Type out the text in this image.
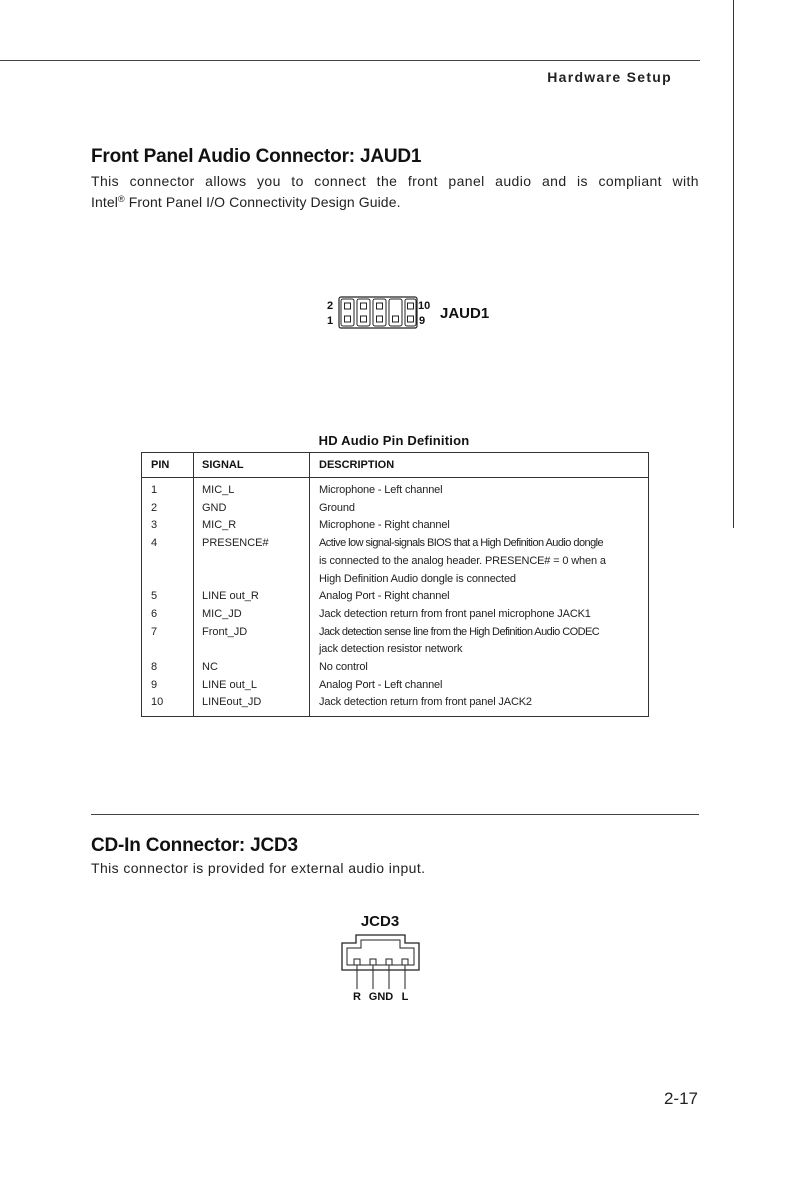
Hardware Setup
Front Panel Audio Connector: JAUD1
This connector allows you to connect the front panel audio and is compliant with
Intel® Front Panel I/O Connectivity Design Guide.
2
1
10
9 JAUD1
HD Audio Pin Definition
PIN	SIGNAL	DESCRIPTION
1	MIC_L	Microphone - Left channel
2	GND	Ground
3	MIC_R	Microphone - Right channel
4	PRESENCE#	Active low signal-signals BIOS that a High Definition Audio dongle
is connected to the analog header. PRESENCE# = 0 when a
High Definition Audio dongle is connected
5	LINE out_R	Analog Port - Right channel
6	MIC_JD	Jack detection return from front panel microphone JACK1
7	Front_JD	Jack detection sense line from the High Definition Audio CODEC
jack detection resistor network
8	NC	No control
9	LINE out_L	Analog Port - Left channel
10	LINEout_JD	Jack detection return from front panel JACK2
CD-In Connector: JCD3
This connector is provided for external audio input.
JCD3
R GND L
2-17
